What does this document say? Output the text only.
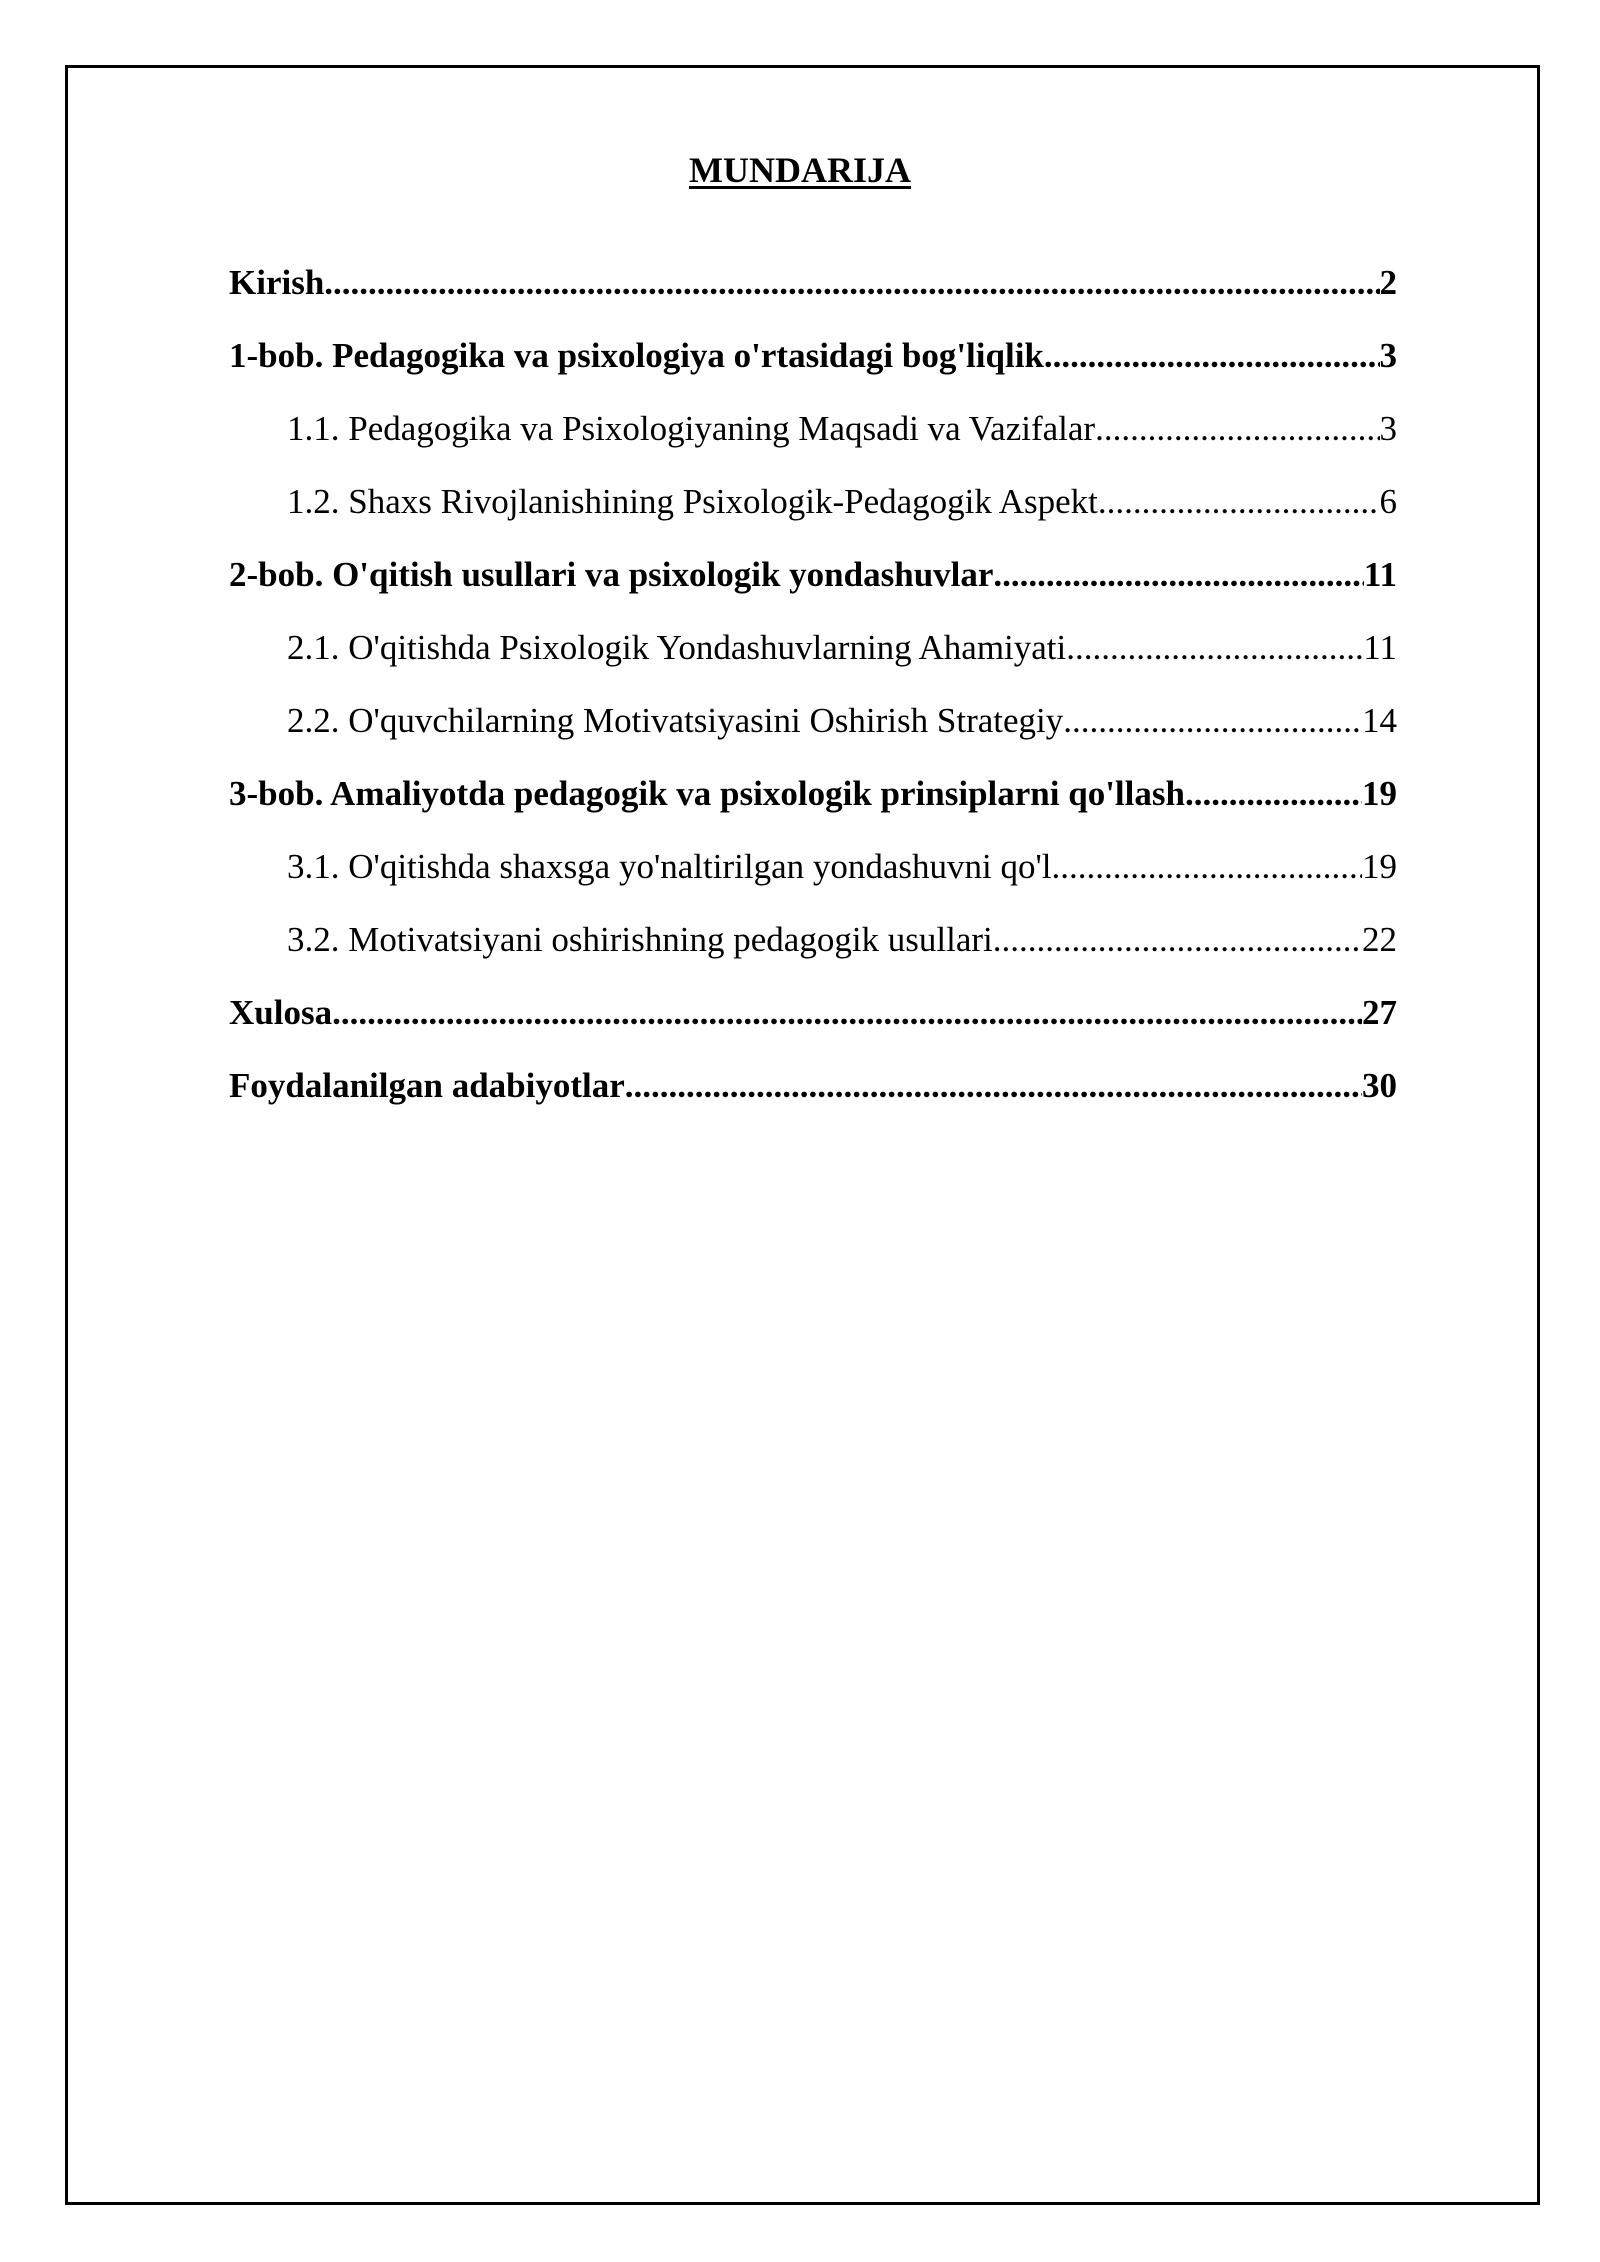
MUNDARIJA
Kirish .....	2
1-bob. Pedagogika va psixologiya o'rtasidagi bog'liqlik .....	3
1.1. Pedagogika va Psixologiyaning Maqsadi va Vazifalar .....	3
1.2. Shaxs Rivojlanishining Psixologik-Pedagogik Aspekt .....	6
2-bob. O'qitish usullari va psixologik yondashuvlar .....	11
2.1. O'qitishda Psixologik Yondashuvlarning Ahamiyati .....	11
2.2. O'quvchilarning Motivatsiyasini Oshirish Strategiy .....	14
3-bob. Amaliyotda pedagogik va psixologik prinsiplarni qo'llash .....	19
3.1. O'qitishda shaxsga yo'naltirilgan yondashuvni qo'l .....	19
3.2. Motivatsiyani oshirishning pedagogik usullari .....	22
Xulosa .....	27
Foydalanilgan adabiyotlar .....	30
